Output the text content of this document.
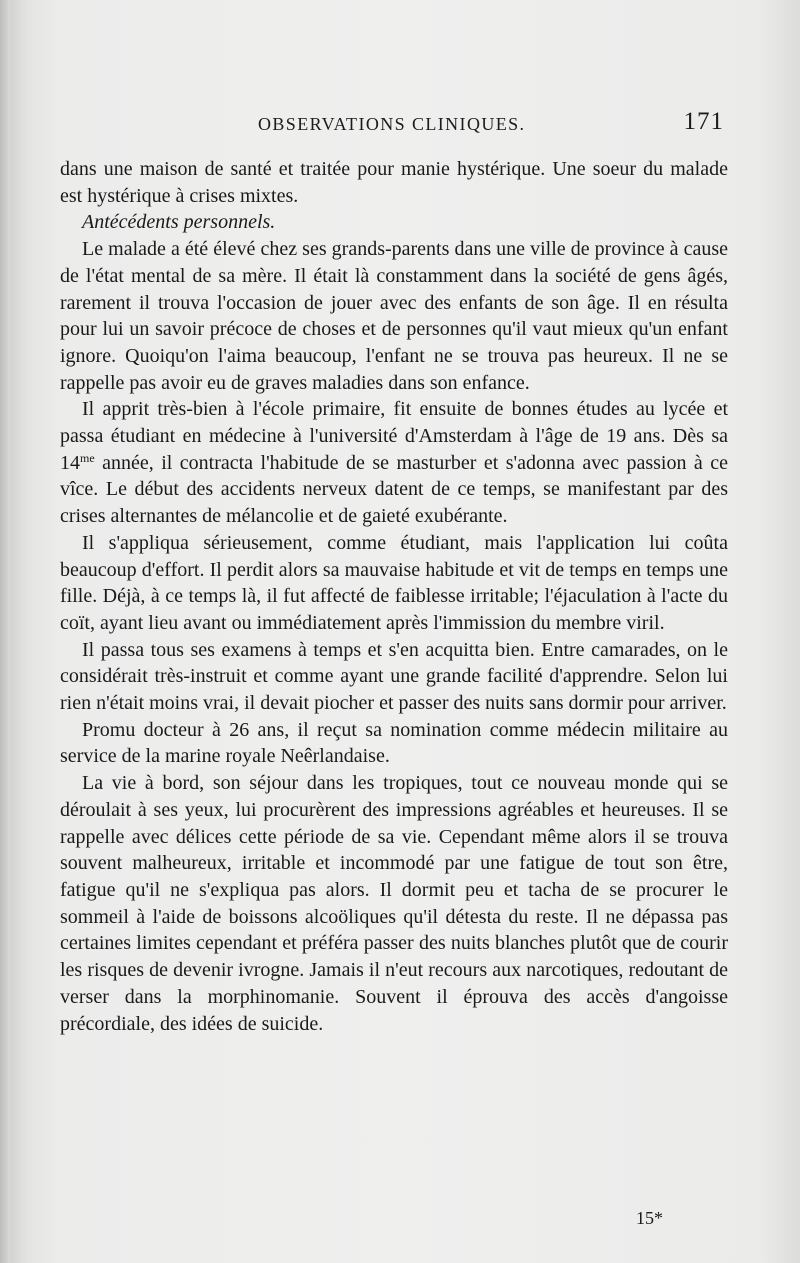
OBSERVATIONS CLINIQUES.	171

dans une maison de santé et traitée pour manie hystérique. Une soeur du malade est hystérique à crises mixtes.

Antécédents personnels.

Le malade a été élevé chez ses grands-parents dans une ville de province à cause de l'état mental de sa mère. Il était là constamment dans la société de gens âgés, rarement il trouva l'occasion de jouer avec des enfants de son âge. Il en résulta pour lui un savoir précoce de choses et de personnes qu'il vaut mieux qu'un enfant ignore. Quoiqu'on l'aima beaucoup, l'enfant ne se trouva pas heureux. Il ne se rappelle pas avoir eu de graves maladies dans son enfance.

Il apprit très-bien à l'école primaire, fit ensuite de bonnes études au lycée et passa étudiant en médecine à l'université d'Amsterdam à l'âge de 19 ans. Dès sa $14^{me}$ année, il contracta l'habitude de se masturber et s'adonna avec passion à ce vîce. Le début des accidents nerveux datent de ce temps, se manifestant par des crises alternantes de mélancolie et de gaieté exubérante.

Il s'appliqua sérieusement, comme étudiant, mais l'application lui coûta beaucoup d'effort. Il perdit alors sa mauvaise habitude et vit de temps en temps une fille. Déjà, à ce temps là, il fut affecté de faiblesse irritable; l'éjaculation à l'acte du coït, ayant lieu avant ou immédiatement après l'immission du membre viril.

Il passa tous ses examens à temps et s'en acquitta bien. Entre camarades, on le considérait très-instruit et comme ayant une grande facilité d'apprendre. Selon lui rien n'était moins vrai, il devait piocher et passer des nuits sans dormir pour arriver.

Promu docteur à 26 ans, il reçut sa nomination comme médecin militaire au service de la marine royale Neêrlandaise.

La vie à bord, son séjour dans les tropiques, tout ce nouveau monde qui se déroulait à ses yeux, lui procurèrent des impressions agréables et heureuses. Il se rappelle avec délices cette période de sa vie. Cependant même alors il se trouva souvent malheureux, irritable et incommodé par une fatigue de tout son être, fatigue qu'il ne s'expliqua pas alors. Il dormit peu et tacha de se procurer le sommeil à l'aide de boissons alcoöliques qu'il détesta du reste. Il ne dépassa pas certaines limites cependant et préféra passer des nuits blanches plutôt que de courir les risques de devenir ivrogne. Jamais il n'eut recours aux narcotiques, redoutant de verser dans la morphinomanie. Souvent il éprouva des accès d'angoisse précordiale, des idées de suicide.

15*
